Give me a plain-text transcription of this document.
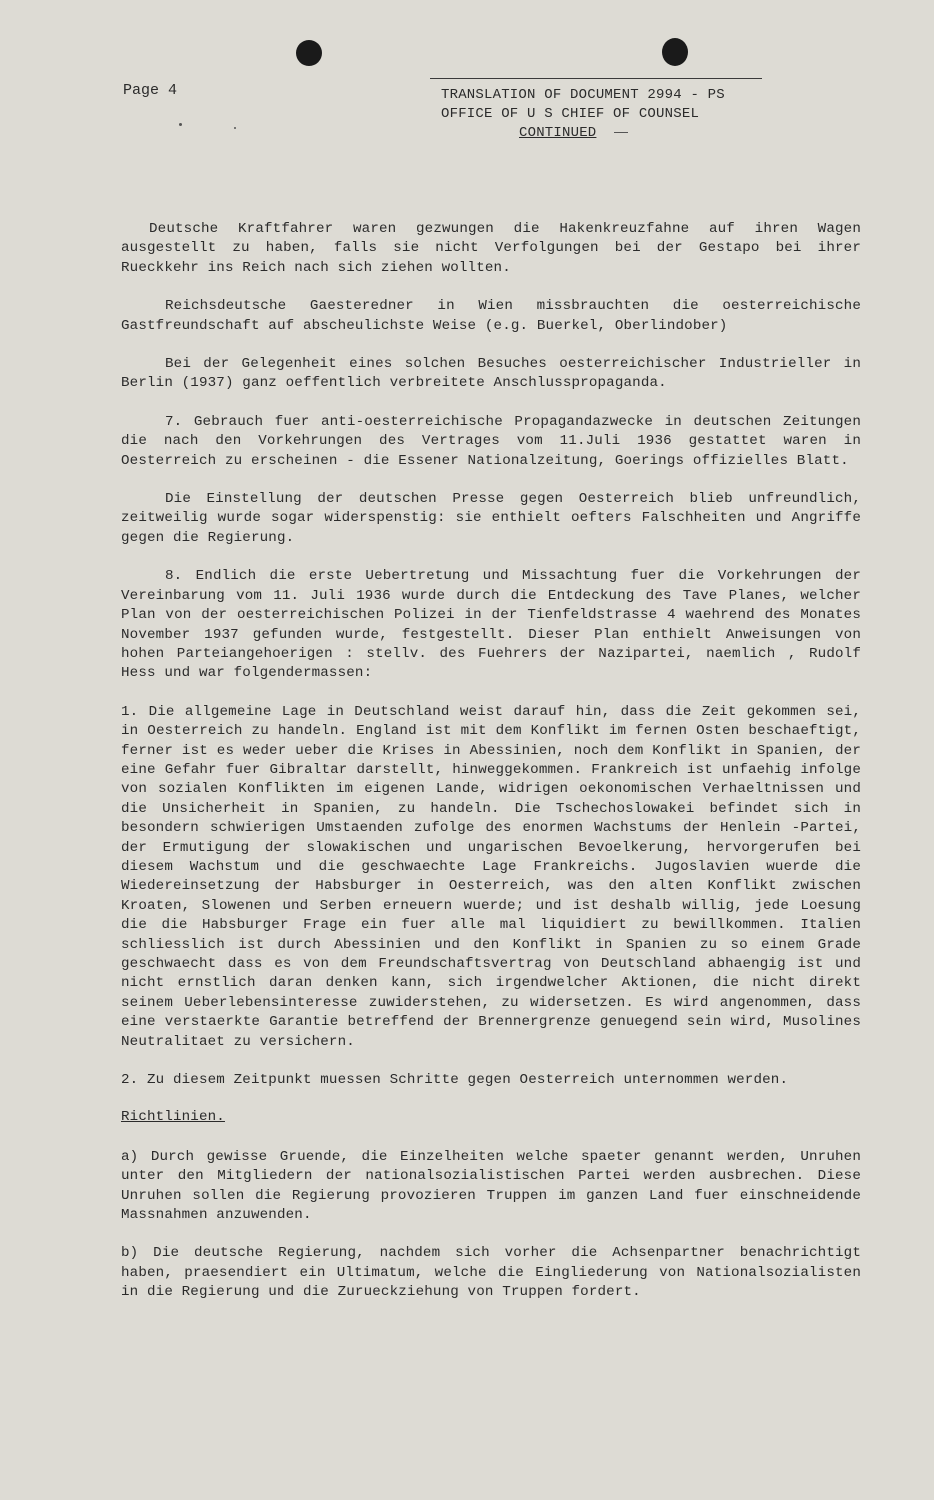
Page 4	TRANSLATION OF DOCUMENT 2994 - PS
OFFICE OF U S CHIEF OF COUNSEL
CONTINUED

Deutsche Kraftfahrer waren gezwungen die Hakenkreuzfahne auf ihren Wagen ausgestellt zu haben, falls sie nicht Verfolgungen bei der Gestapo bei ihrer Rueckkehr ins Reich nach sich ziehen wollten.

Reichsdeutsche Gaesteredner in Wien missbrauchten die oesterreichische Gastfreundschaft auf abscheulichste Weise (e.g. Buerkel, Oberlindober)

Bei der Gelegenheit eines solchen Besuches oesterreichischer Industrieller in Berlin (1937) ganz oeffentlich verbreitete Anschlusspropaganda.

7. Gebrauch fuer anti-oesterreichische Propagandazwecke in deutschen Zeitungen die nach den Vorkehrungen des Vertrages vom 11.Juli 1936 gestattet waren in Oesterreich zu erscheinen - die Essener Nationalzeitung, Goerings offizielles Blatt.

Die Einstellung der deutschen Presse gegen Oesterreich blieb unfreundlich, zeitweilig wurde sogar widerspenstig: sie enthielt oefters Falschheiten und Angriffe gegen die Regierung.

8. Endlich die erste Uebertretung und Missachtung fuer die Vorkehrungen der Vereinbarung vom 11. Juli 1936 wurde durch die Entdeckung des Tave Planes, welcher Plan von der oesterreichischen Polizei in der Tienfeldstrasse 4 waehrend des Monates November 1937 gefunden wurde, festgestellt. Dieser Plan enthielt Anweisungen von hohen Parteiangehoerigen : stellv. des Fuehrers der Nazipartei, naemlich , Rudolf Hess und war folgendermassen:

1. Die allgemeine Lage in Deutschland weist darauf hin, dass die Zeit gekommen sei, in Oesterreich zu handeln. England ist mit dem Konflikt im fernen Osten beschaeftigt, ferner ist es weder ueber die Krises in Abessinien, noch dem Konflikt in Spanien, der eine Gefahr fuer Gibraltar darstellt, hinweggekommen. Frankreich ist unfaehig infolge von sozialen Konflikten im eigenen Lande, widrigen oekonomischen Verhaeltnissen und die Unsicherheit in Spanien, zu handeln. Die Tschechoslowakei befindet sich in besondern schwierigen Umstaenden zufolge des enormen Wachstums der Henlein -Partei, der Ermutigung der slowakischen und ungarischen Bevoelkerung, hervorgerufen bei diesem Wachstum und die geschwaechte Lage Frankreichs. Jugoslavien wuerde die Wiedereinsetzung der Habsburger in Oesterreich, was den alten Konflikt zwischen Kroaten, Slowenen und Serben erneuern wuerde; und ist deshalb willig, jede Loesung die die Habsburger Frage ein fuer alle mal liquidiert zu bewillkommen. Italien schliesslich ist durch Abessinien und den Konflikt in Spanien zu so einem Grade geschwaecht dass es von dem Freundschaftsvertrag von Deutschland abhaengig ist und nicht ernstlich daran denken kann, sich irgendwelcher Aktionen, die nicht direkt seinem Ueberlebensinteresse zuwiderstehen, zu widersetzen. Es wird angenommen, dass eine verstaerkte Garantie betreffend der Brennergrenze genuegend sein wird, Musolines Neutralitaet zu versichern.

2. Zu diesem Zeitpunkt muessen Schritte gegen Oesterreich unternommen werden.

Richtlinien.

a) Durch gewisse Gruende, die Einzelheiten welche spaeter genannt werden, Unruhen unter den Mitgliedern der nationalsozialistischen Partei werden ausbrechen. Diese Unruhen sollen die Regierung provozieren Truppen im ganzen Land fuer einschneidende Massnahmen anzuwenden.

b) Die deutsche Regierung, nachdem sich vorher die Achsenpartner benachrichtigt haben, praesendiert ein Ultimatum, welche die Eingliederung von Nationalsozialisten in die Regierung und die Zurueckziehung von Truppen fordert.
